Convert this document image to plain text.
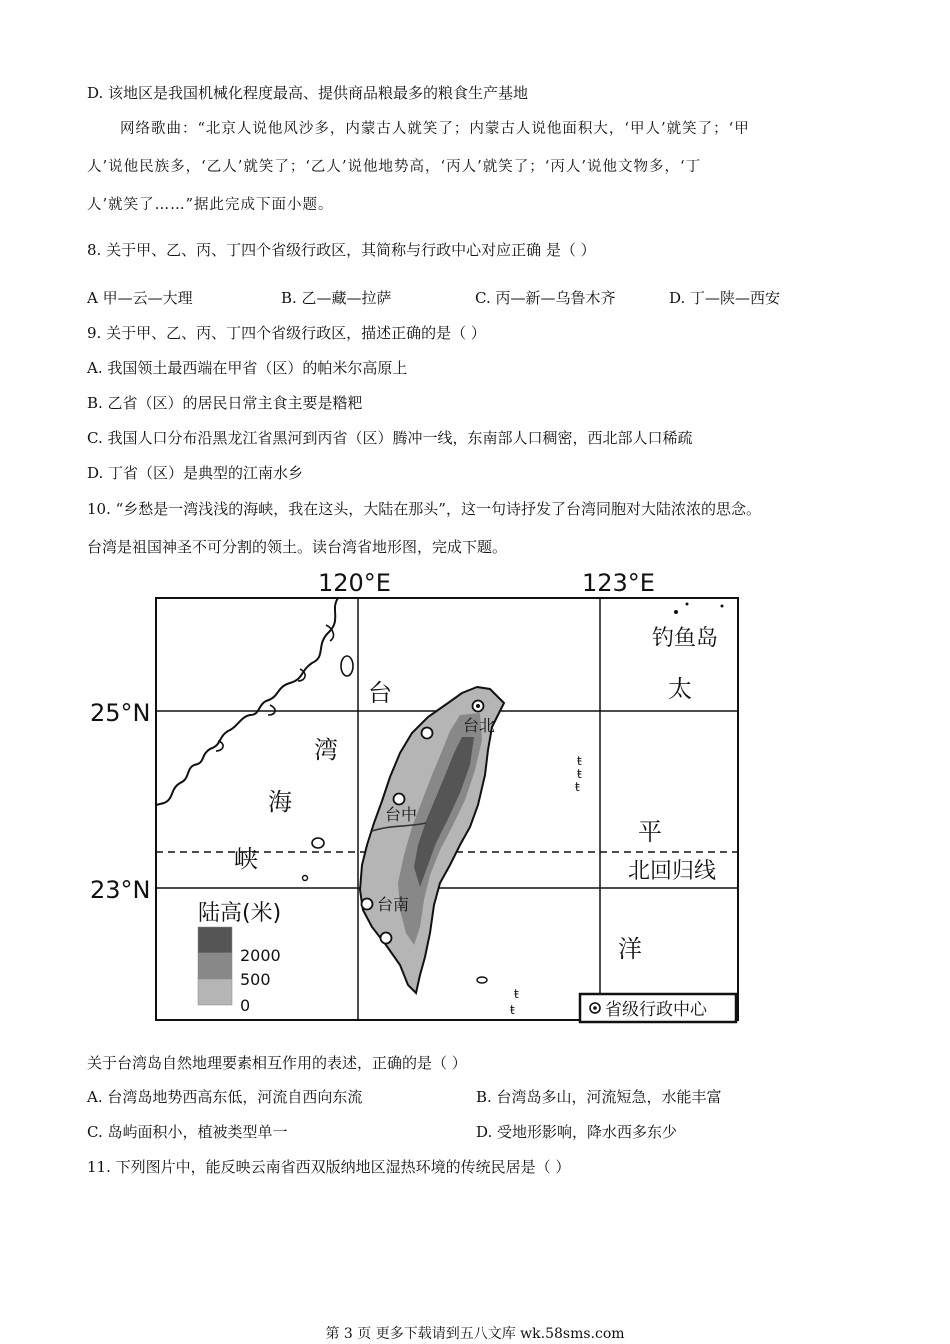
D. 该地区是我国机械化程度最高、提供商品粮最多的粮食生产基地
网络歌曲：“北京人说他风沙多，内蒙古人就笑了；内蒙古人说他面积大，‘甲人’就笑了；‘甲
人’说他民族多，‘乙人’就笑了；‘乙人’说他地势高，‘丙人’就笑了；‘丙人’说他文物多，‘丁
人’就笑了……”据此完成下面小题。
8. 关于甲、乙、丙、丁四个省级行政区，其简称与行政中心对应正确 是（ ）
A 甲—云—大理	B. 乙—藏—拉萨	C. 丙—新—乌鲁木齐	D. 丁—陕—西安
9. 关于甲、乙、丙、丁四个省级行政区，描述正确的是（ ）
A. 我国领土最西端在甲省（区）的帕米尔高原上
B. 乙省（区）的居民日常主食主要是糌粑
C. 我国人口分布沿黑龙江省黑河到丙省（区）腾冲一线，东南部人口稠密，西北部人口稀疏
D. 丁省（区）是典型的江南水乡
10. “乡愁是一湾浅浅的海峡，我在这头，大陆在那头”，这一句诗抒发了台湾同胞对大陆浓浓的思念。
台湾是祖国神圣不可分割的领土。读台湾省地形图，完成下题。
台北
台中
台南
ŧ
ŧ
ŧ
ŧ
ŧ
120°E	123°E
25°N
23°N
台
湾
海
峡
钓鱼岛
太
平
北回归线
洋
陆高(米)
2000
500
0	省级行政中心
关于台湾岛自然地理要素相互作用的表述，正确的是（ ）
A. 台湾岛地势西高东低，河流自西向东流	B. 台湾岛多山，河流短急，水能丰富
C. 岛屿面积小，植被类型单一	D. 受地形影响，降水西多东少
11. 下列图片中，能反映云南省西双版纳地区湿热环境的传统民居是（ ）
第 3 页 更多下载请到五八文库 wk.58sms.com
